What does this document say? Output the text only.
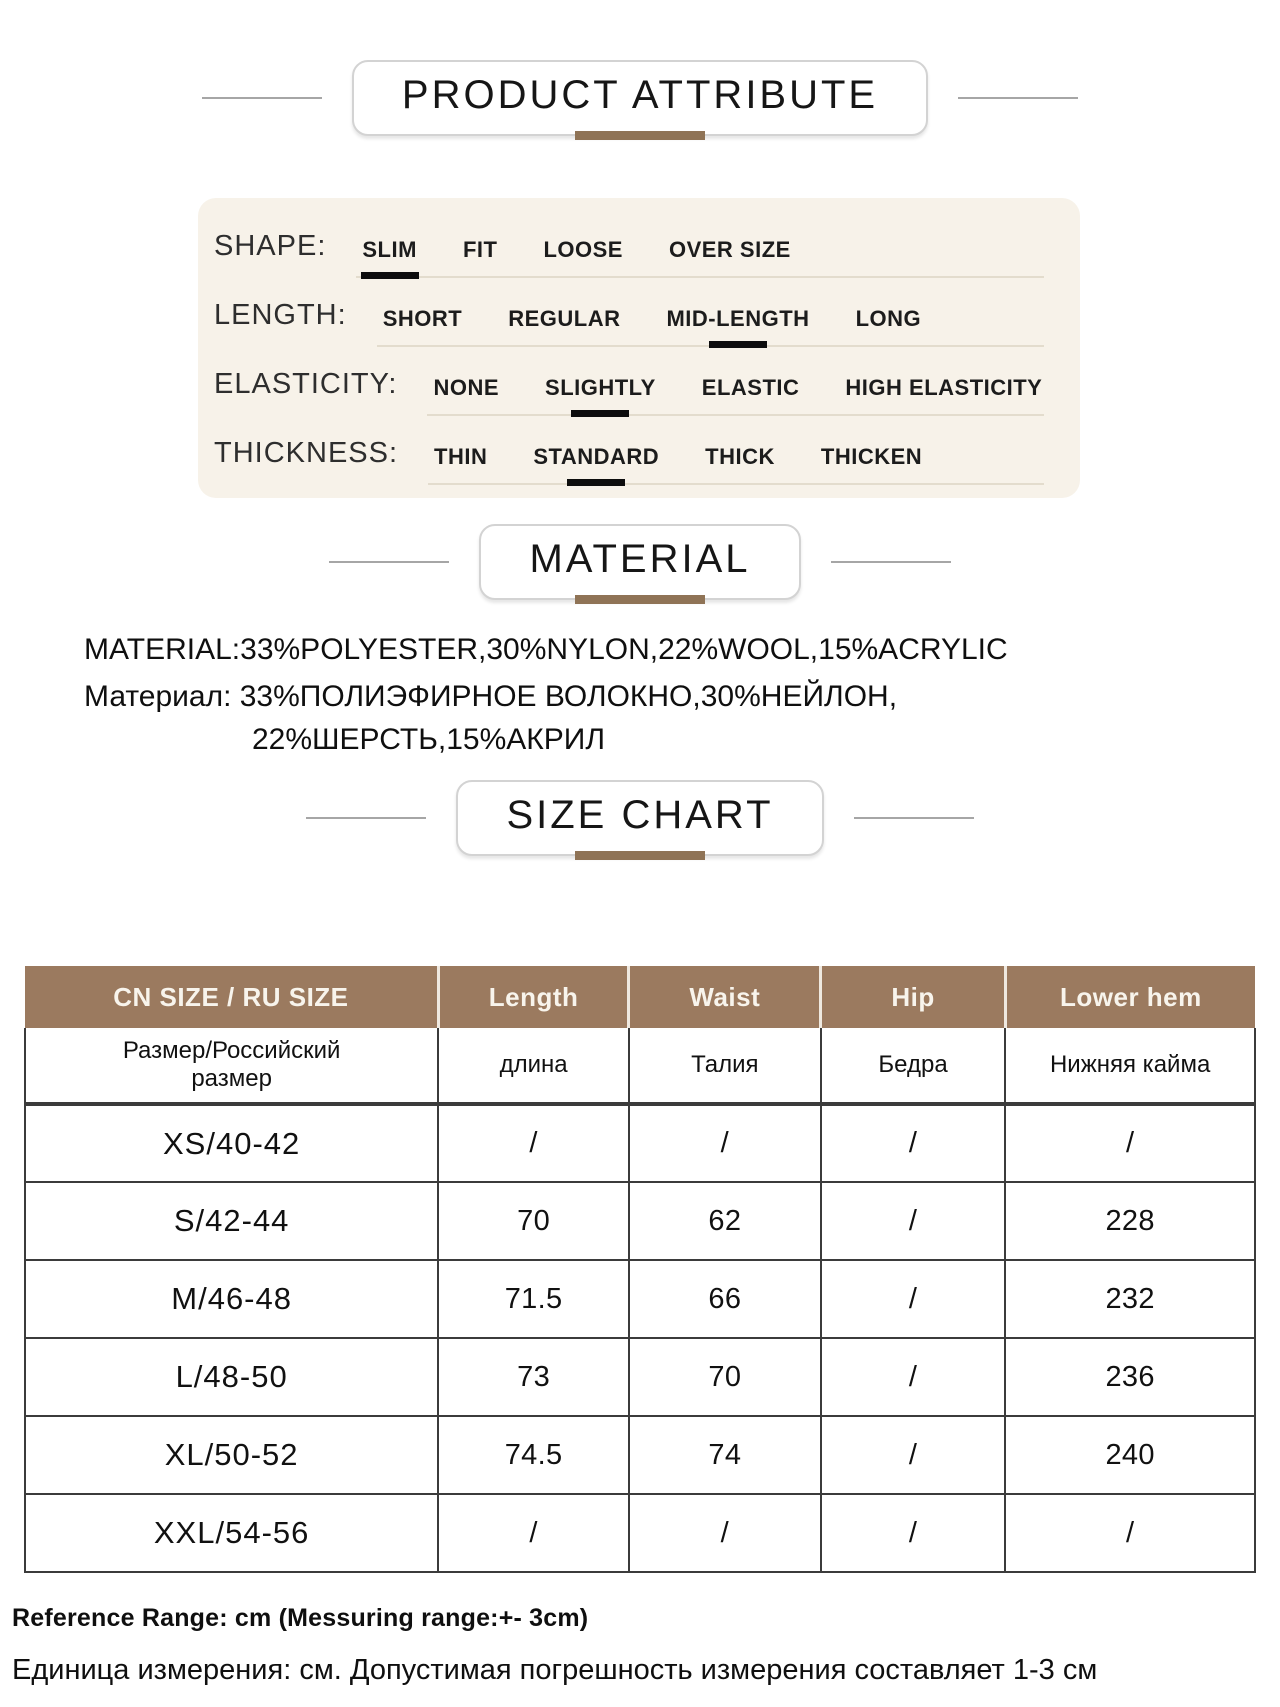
PRODUCT ATTRIBUTE
SHAPE: SLIM FIT LOOSE OVER SIZE
LENGTH: SHORT REGULAR MID-LENGTH LONG
ELASTICITY: NONE SLIGHTLY ELASTIC HIGH ELASTICITY
THICKNESS: THIN STANDARD THICK THICKEN
MATERIAL
MATERIAL:33%POLYESTER,30%NYLON,22%WOOL,15%ACRYLIC
Материал: 33%ПОЛИЭФИРНОЕ ВОЛОКНО,30%НЕЙЛОН,
22%ШЕРСТЬ,15%АКРИЛ
SIZE CHART
CN SIZE / RU SIZE	Length	Waist	Hip	Lower hem
Размер/Российский размер	длина	Талия	Бедра	Нижняя кайма
XS/40-42	/	/	/	/
S/42-44	70	62	/	228
M/46-48	71.5	66	/	232
L/48-50	73	70	/	236
XL/50-52	74.5	74	/	240
XXL/54-56	/	/	/	/
Reference Range: cm (Messuring range:+- 3cm)
Единица измерения: см. Допустимая погрешность измерения составляет 1-3 см
